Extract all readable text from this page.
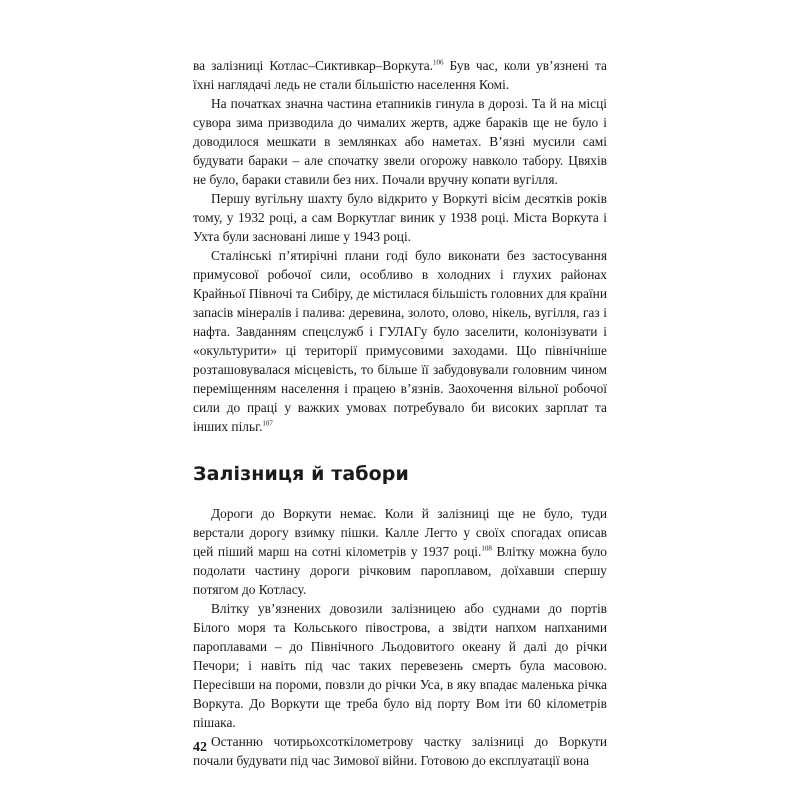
ва залізниці Котлас–Сиктивкар–Воркута.$^{106}$ Був час, коли ув’язнені та їхні наглядачі ледь не стали більшістю населення Комі.

На початках значна частина етапників гинула в дорозі. Та й на місці сувора зима призводила до чималих жертв, адже бараків ще не було і доводилося мешкати в землянках або наметах. В’язні мусили самі будувати бараки – але спочатку звели огорожу навколо табору. Цвяхів не було, бараки ставили без них. Почали вручну копати вугілля.

Першу вугільну шахту було відкрито у Воркуті вісім десятків років тому, у 1932 році, а сам Воркутлаг виник у 1938 році. Міста Воркута і Ухта були засновані лише у 1943 році.

Сталінські п’ятирічні плани годі було виконати без застосування примусової робочої сили, особливо в холодних і глухих районах Крайньої Півночі та Сибіру, де містилася більшість головних для країни запасів мінералів і палива: деревина, золото, олово, нікель, вугілля, газ і нафта. Завданням спецслужб і ГУЛАГу було заселити, колонізувати і «окультурити» ці території примусовими заходами. Що північніше розташовувалася місцевість, то більше її забудовували головним чином переміщенням населення і працею в’язнів. Заохочення вільної робочої сили до праці у важких умовах потребувало би високих зарплат та інших пільг.$^{107}$

Залізниця й табори

Дороги до Воркути немає. Коли й залізниці ще не було, туди верстали дорогу взимку пішки. Калле Легто у своїх спогадах описав цей піший марш на сотні кілометрів у 1937 році.$^{108}$ Влітку можна було подолати частину дороги річковим пароплавом, доїхавши спершу потягом до Котласу.

Влітку ув’язнених довозили залізницею або суднами до портів Білого моря та Кольського півострова, а звідти напхом напханими пароплавами – до Північного Льодовитого океану й далі до річки Печори; і навіть під час таких перевезень смерть була масовою. Пересівши на пороми, повзли до річки Уса, в яку впадає маленька річка Воркута. До Воркути ще треба було від порту Вом іти 60 кілометрів пішака.

Останню чотирьохсоткілометрову частку залізниці до Воркути почали будувати під час Зимової війни. Готовою до експлуатації вона

42
